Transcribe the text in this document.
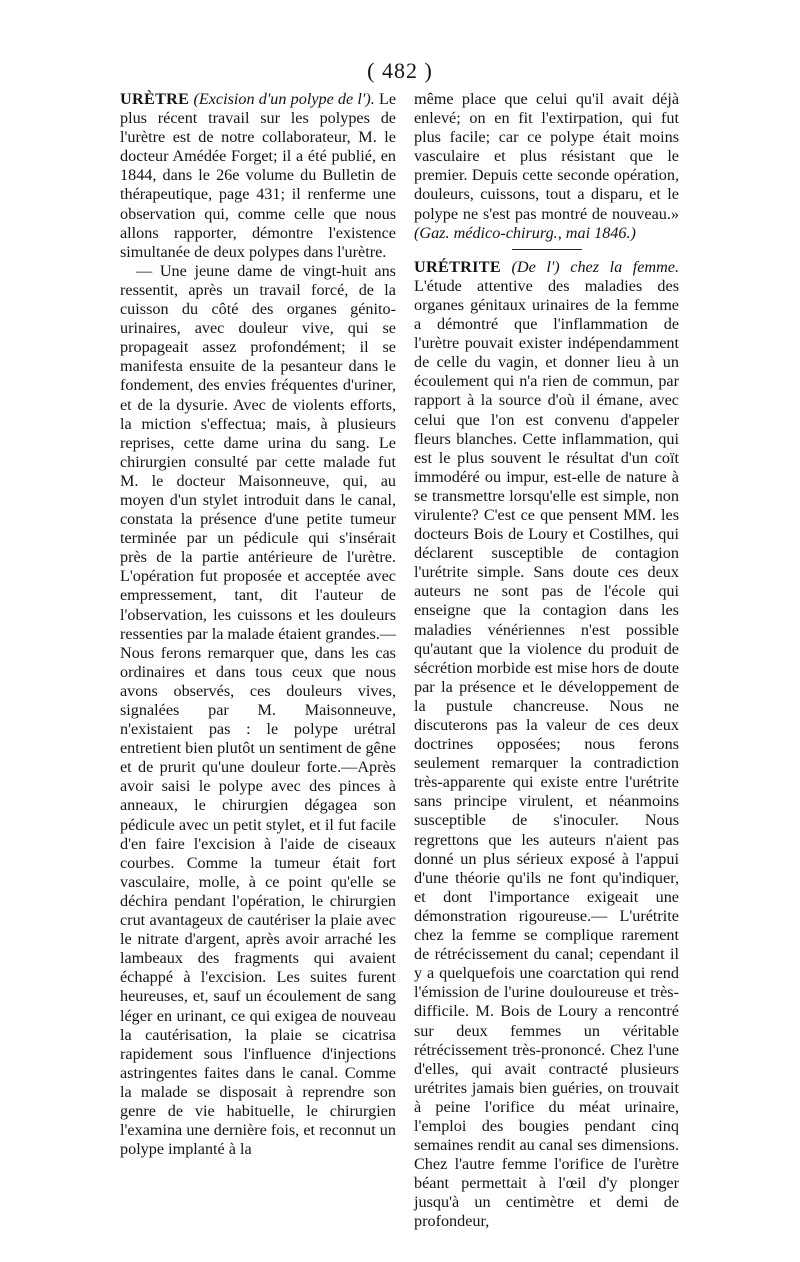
( 482 )

URÈTRE (Excision d'un polype de l'). Le plus récent travail sur les polypes de l'urètre est de notre collaborateur, M. le docteur Amédée Forget; il a été publié, en 1844, dans le 26e volume du Bulletin de thérapeutique, page 431; il renferme une observation qui, comme celle que nous allons rapporter, démontre l'existence simultanée de deux polypes dans l'urètre.

— Une jeune dame de vingt-huit ans ressentit, après un travail forcé, de la cuisson du côté des organes génito-urinaires, avec douleur vive, qui se propageait assez profondément; il se manifesta ensuite de la pesanteur dans le fondement, des envies fréquentes d'uriner, et de la dysurie. Avec de violents efforts, la miction s'effectua; mais, à plusieurs reprises, cette dame urina du sang. Le chirurgien consulté par cette malade fut M. le docteur Maisonneuve, qui, au moyen d'un stylet introduit dans le canal, constata la présence d'une petite tumeur terminée par un pédicule qui s'insérait près de la partie antérieure de l'urètre. L'opération fut proposée et acceptée avec empressement, tant, dit l'auteur de l'observation, les cuissons et les douleurs ressenties par la malade étaient grandes.—Nous ferons remarquer que, dans les cas ordinaires et dans tous ceux que nous avons observés, ces douleurs vives, signalées par M. Maisonneuve, n'existaient pas : le polype urétral entretient bien plutôt un sentiment de gêne et de prurit qu'une douleur forte.—Après avoir saisi le polype avec des pinces à anneaux, le chirurgien dégagea son pédicule avec un petit stylet, et il fut facile d'en faire l'excision à l'aide de ciseaux courbes. Comme la tumeur était fort vasculaire, molle, à ce point qu'elle se déchira pendant l'opération, le chirurgien crut avantageux de cautériser la plaie avec le nitrate d'argent, après avoir arraché les lambeaux des fragments qui avaient échappé à l'excision. Les suites furent heureuses, et, sauf un écoulement de sang léger en urinant, ce qui exigea de nouveau la cautérisation, la plaie se cicatrisa rapidement sous l'influence d'injections astringentes faites dans le canal. Comme la malade se disposait à reprendre son genre de vie habituelle, le chirurgien l'examina une dernière fois, et reconnut un polype implanté à la

même place que celui qu'il avait déjà enlevé; on en fit l'extirpation, qui fut plus facile; car ce polype était moins vasculaire et plus résistant que le premier. Depuis cette seconde opération, douleurs, cuissons, tout a disparu, et le polype ne s'est pas montré de nouveau.» (Gaz. médico-chirurg., mai 1846.)

URÉTRITE (De l') chez la femme. L'étude attentive des maladies des organes génitaux urinaires de la femme a démontré que l'inflammation de l'urètre pouvait exister indépendamment de celle du vagin, et donner lieu à un écoulement qui n'a rien de commun, par rapport à la source d'où il émane, avec celui que l'on est convenu d'appeler fleurs blanches. Cette inflammation, qui est le plus souvent le résultat d'un coït immodéré ou impur, est-elle de nature à se transmettre lorsqu'elle est simple, non virulente? C'est ce que pensent MM. les docteurs Bois de Loury et Costilhes, qui déclarent susceptible de contagion l'urétrite simple. Sans doute ces deux auteurs ne sont pas de l'école qui enseigne que la contagion dans les maladies vénériennes n'est possible qu'autant que la violence du produit de sécrétion morbide est mise hors de doute par la présence et le développement de la pustule chancreuse. Nous ne discuterons pas la valeur de ces deux doctrines opposées; nous ferons seulement remarquer la contradiction très-apparente qui existe entre l'urétrite sans principe virulent, et néanmoins susceptible de s'inoculer. Nous regrettons que les auteurs n'aient pas donné un plus sérieux exposé à l'appui d'une théorie qu'ils ne font qu'indiquer, et dont l'importance exigeait une démonstration rigoureuse.— L'urétrite chez la femme se complique rarement de rétrécissement du canal; cependant il y a quelquefois une coarctation qui rend l'émission de l'urine douloureuse et très-difficile. M. Bois de Loury a rencontré sur deux femmes un véritable rétrécissement très-prononcé. Chez l'une d'elles, qui avait contracté plusieurs urétrites jamais bien guéries, on trouvait à peine l'orifice du méat urinaire, l'emploi des bougies pendant cinq semaines rendit au canal ses dimensions. Chez l'autre femme l'orifice de l'urètre béant permettait à l'œil d'y plonger jusqu'à un centimètre et demi de profondeur,
